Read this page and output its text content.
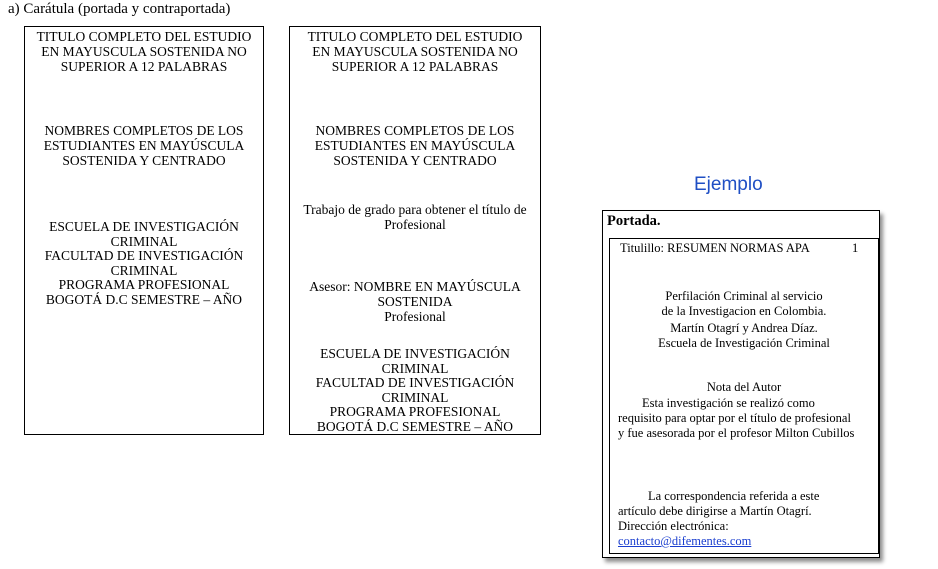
a) Carátula (portada y contraportada)

TITULO COMPLETO DEL ESTUDIO
EN MAYUSCULA SOSTENIDA NO
SUPERIOR A 12 PALABRAS

NOMBRES COMPLETOS DE LOS
ESTUDIANTES EN MAYÚSCULA
SOSTENIDA Y CENTRADO

ESCUELA DE INVESTIGACIÓN
CRIMINAL
FACULTAD DE INVESTIGACIÓN
CRIMINAL
PROGRAMA PROFESIONAL
BOGOTÁ D.C SEMESTRE – AÑO

TITULO COMPLETO DEL ESTUDIO
EN MAYUSCULA SOSTENIDA NO
SUPERIOR A 12 PALABRAS

NOMBRES COMPLETOS DE LOS
ESTUDIANTES EN MAYÚSCULA
SOSTENIDA Y CENTRADO

Trabajo de grado para obtener el título de
Profesional

Asesor: NOMBRE EN MAYÚSCULA
SOSTENIDA
Profesional

ESCUELA DE INVESTIGACIÓN
CRIMINAL
FACULTAD DE INVESTIGACIÓN
CRIMINAL
PROGRAMA PROFESIONAL
BOGOTÁ D.C SEMESTRE – AÑO

Ejemplo
Portada.
Titulillo: RESUMEN NORMAS APA	1
Perfilación Criminal al servicio
de la Investigacion en Colombia.
Martín Otagrí y Andrea Díaz.
Escuela de Investigación Criminal
Nota del Autor
Esta investigación se realizó como
requisito para optar por el título de profesional
y fue asesorada por el profesor Milton Cubillos
La correspondencia referida a este
artículo debe dirigirse a Martín Otagrí.
Dirección electrónica:
contacto@difementes.com
